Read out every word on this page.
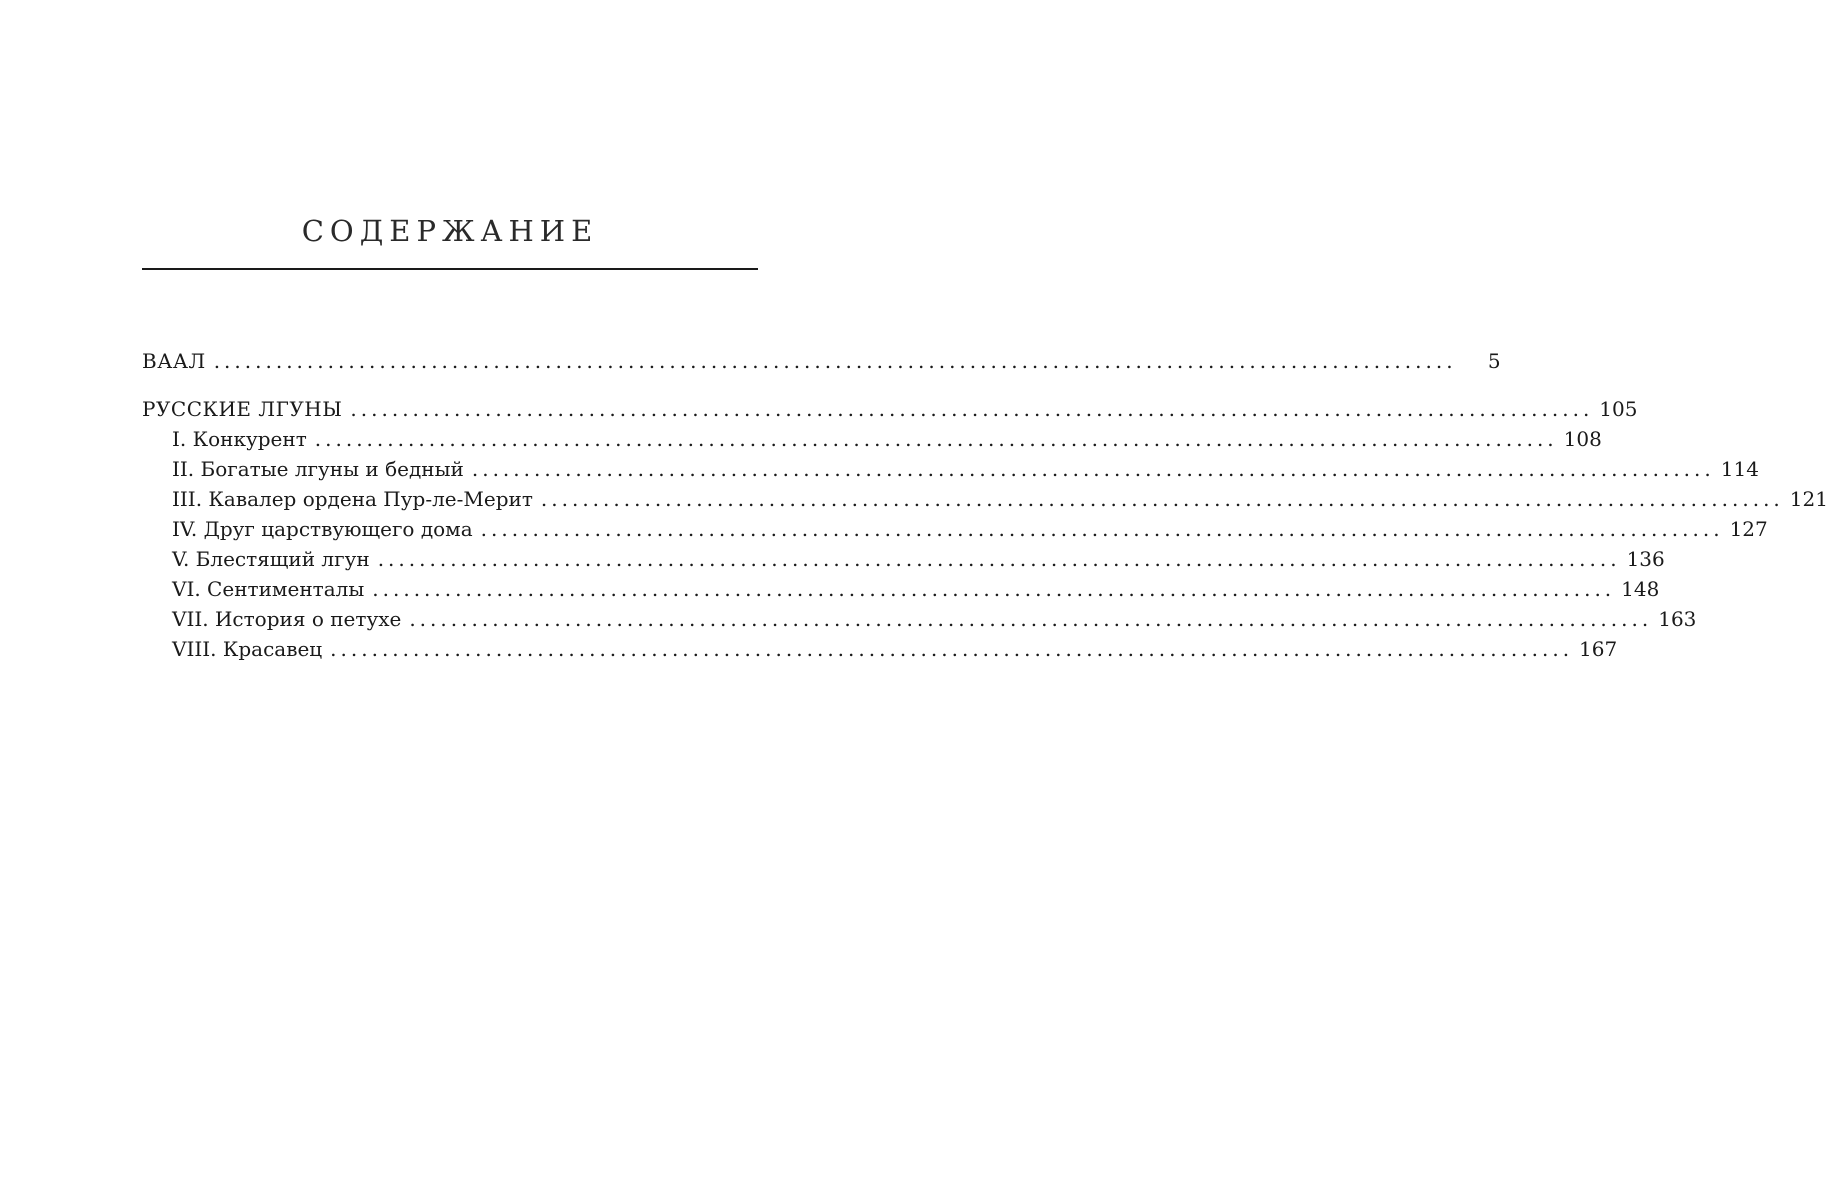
СОДЕРЖАНИЕ
ВААЛ ........................................................................................................................	5
РУССКИЕ ЛГУНЫ ........................................................................................................................ 105
I. Конкурент ........................................................................................................................ 108
II. Богатые лгуны и бедный ........................................................................................................................ 114
III. Кавалер ордена Пур-ле-Мерит ........................................................................................................................ 121
IV. Друг царствующего дома ........................................................................................................................ 127
V. Блестящий лгун ........................................................................................................................ 136
VI. Сентиментaлы ........................................................................................................................ 148
VII. История о петухе ........................................................................................................................ 163
VIII. Красавец ........................................................................................................................ 167
